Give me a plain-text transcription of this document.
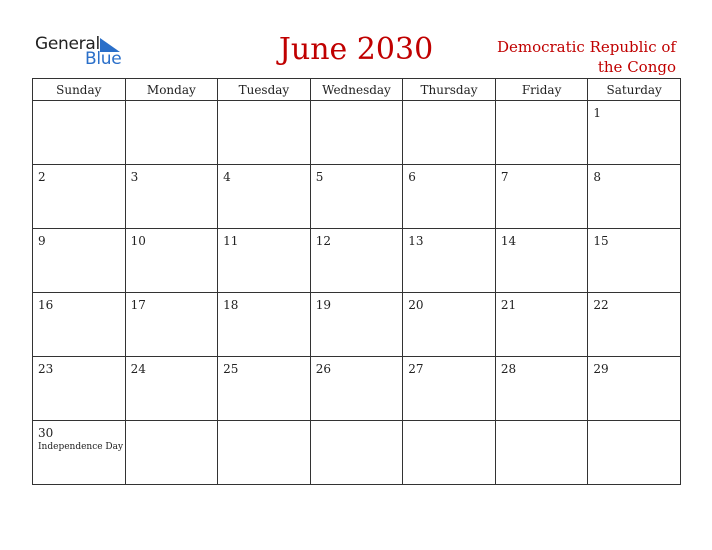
General
Blue	June 2030	Democratic Republic of
the Congo
Sunday	Monday	Tuesday	Wednesday	Thursday	Friday	Saturday

						1

2	3	4	5	6	7	8

9	10	11	12	13	14	15

16	17	18	19	20	21	22

23	24	25	26	27	28	29

30
Independence Day						
